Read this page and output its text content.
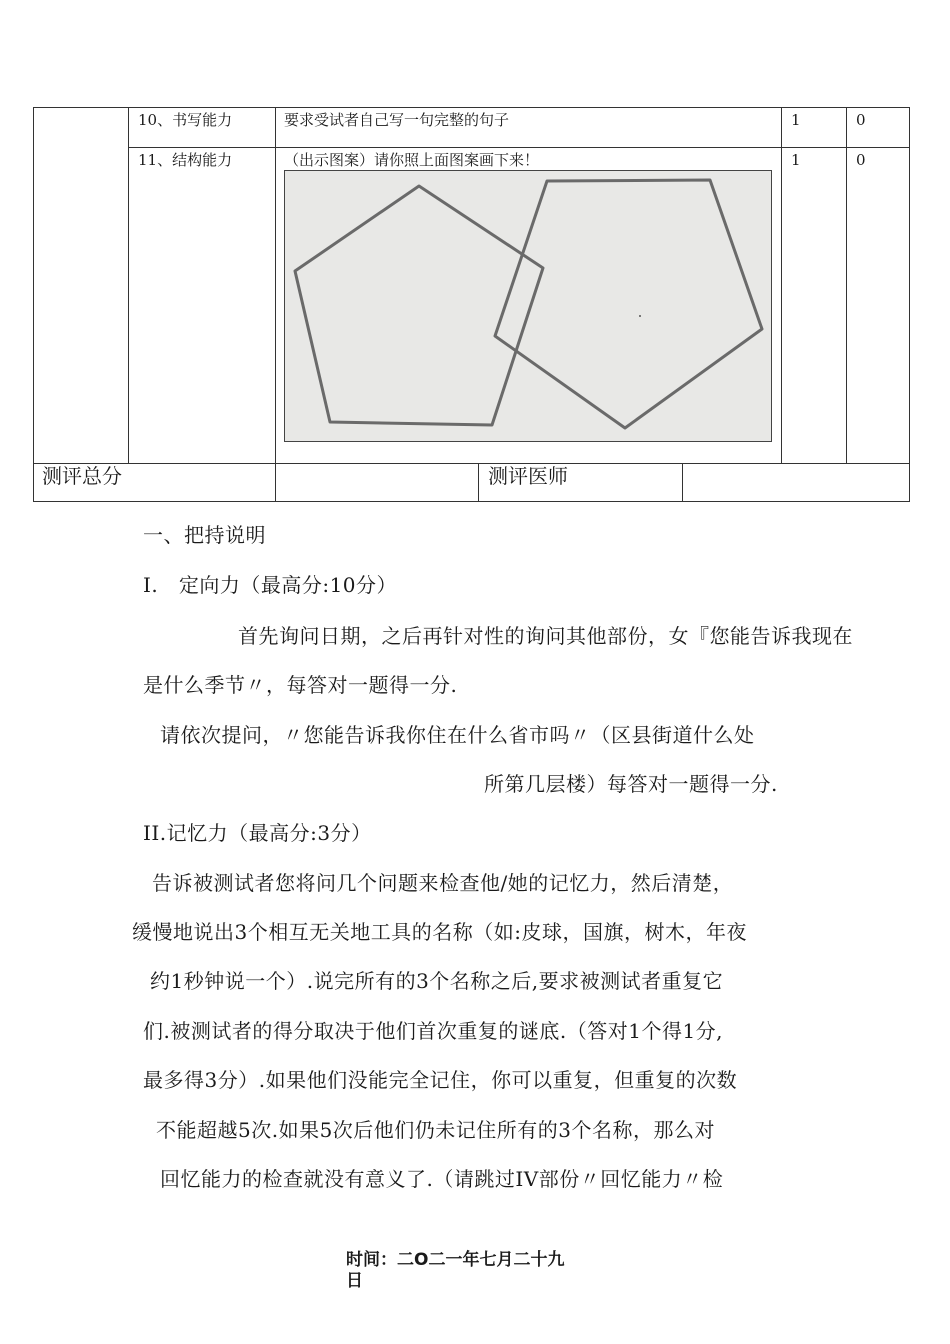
10、书写能力	要求受试者自己写一句完整的句子	1	0
11、结构能力	（出示图案）请你照上面图案画下来！	1	0
测评总分	测评医师
一、把持说明
I.   定向力（最高分:10分）
首先询问日期，之后再针对性的询问其他部份，女『您能告诉我现在
是什么季节〃，每答对一题得一分.
请依次提问，〃您能告诉我你住在什么省市吗〃（区县街道什么处
所第几层楼）每答对一题得一分.
II.记忆力（最高分:3分）
告诉被测试者您将问几个问题来检查他/她的记忆力，然后清楚，
缓慢地说出3个相互无关地工具的名称（如:皮球，国旗，树木，年夜
约1秒钟说一个）.说完所有的3个名称之后,要求被测试者重复它
们.被测试者的得分取决于他们首次重复的谜底.（答对1个得1分,
最多得3分）.如果他们没能完全记住，你可以重复，但重复的次数
不能超越5次.如果5次后他们仍未记住所有的3个名称，那么对
回忆能力的检查就没有意义了.（请跳过IV部份〃回忆能力〃检
时间：二O二一年七月二十九
日
